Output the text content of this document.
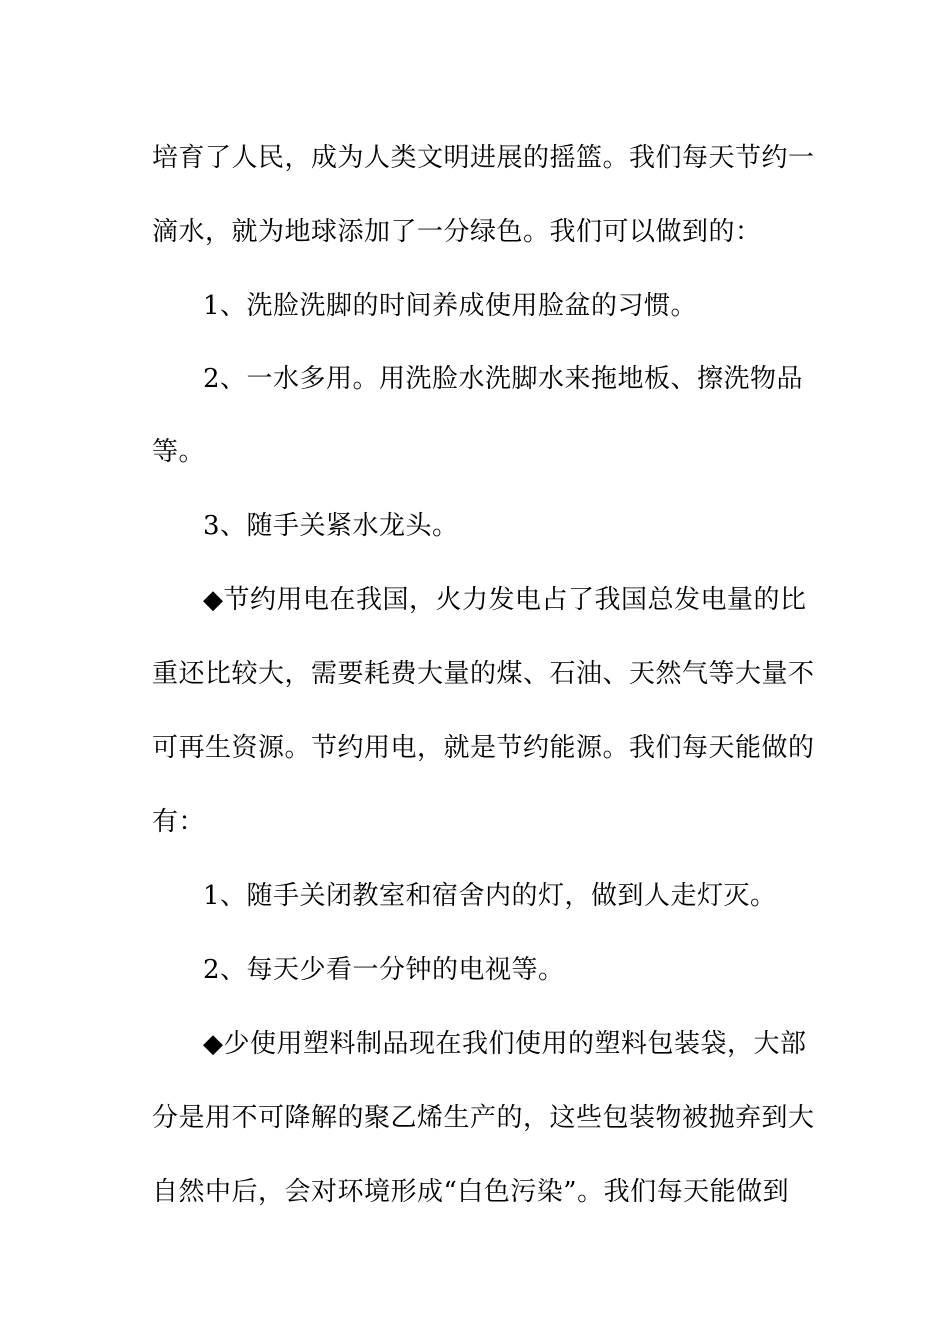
培育了人民，成为人类文明进展的摇篮。我们每天节约一
滴水，就为地球添加了一分绿色。我们可以做到的：
1、洗脸洗脚的时间养成使用脸盆的习惯。
2、一水多用。用洗脸水洗脚水来拖地板、擦洗物品
等。
3、随手关紧水龙头。
◆节约用电在我国，火力发电占了我国总发电量的比
重还比较大，需要耗费大量的煤、石油、天然气等大量不
可再生资源。节约用电，就是节约能源。我们每天能做的
有：
1、随手关闭教室和宿舍内的灯，做到人走灯灭。
2、每天少看一分钟的电视等。
◆少使用塑料制品现在我们使用的塑料包装袋，大部
分是用不可降解的聚乙烯生产的，这些包装物被抛弃到大
自然中后，会对环境形成“白色污染”。我们每天能做到
